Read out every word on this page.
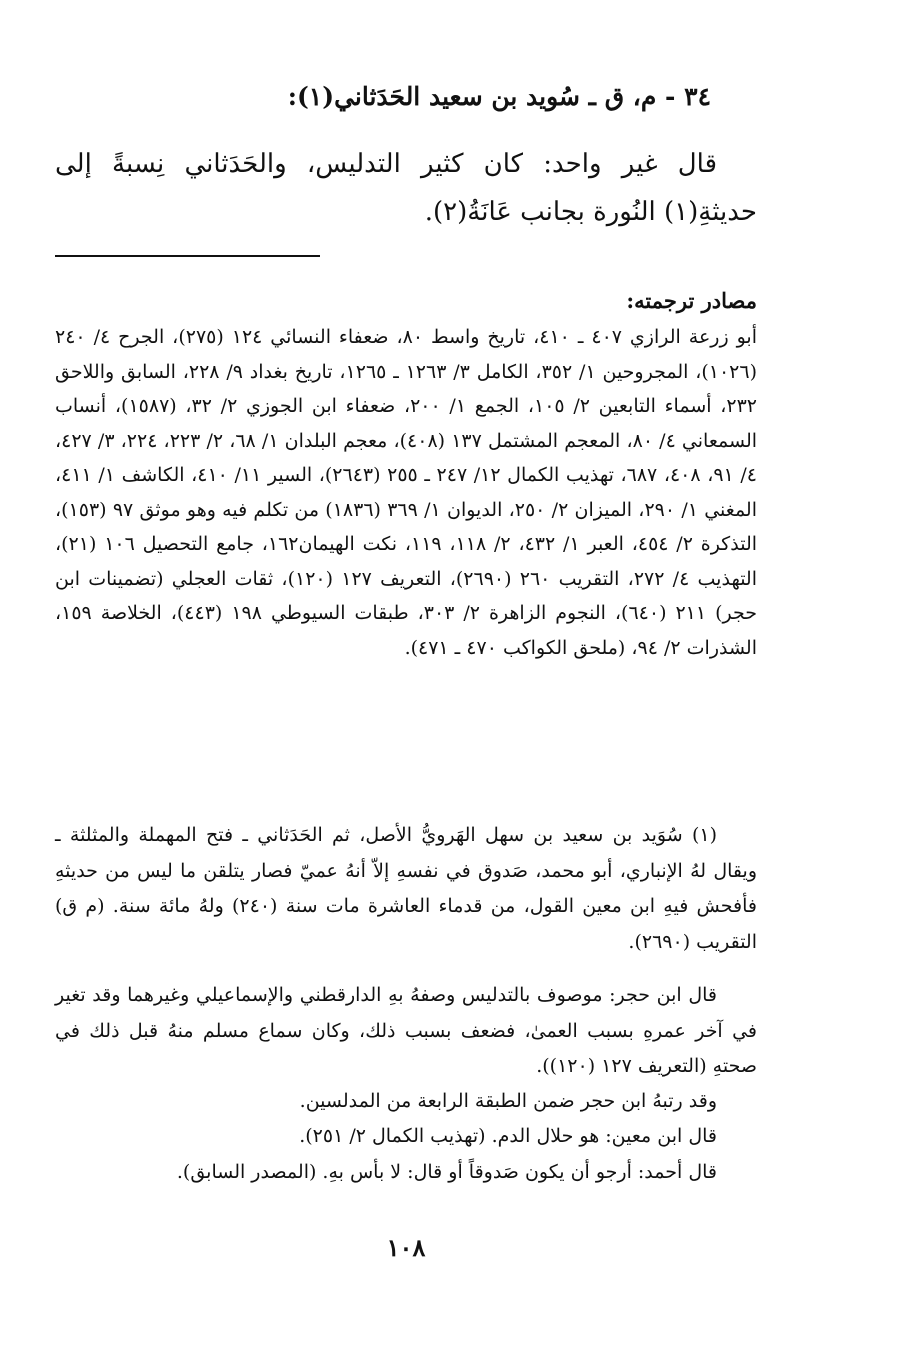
٣٤ - م، ق ـ سُويد بن سعيد الحَدَثاني(١):

قال غير واحد: كان كثير التدليس، والحَدَثاني نِسبةً إلى حديثةِ(١) النُورة بجانب عَانَةُ(٢).

مصادر ترجمته:
أبو زرعة الرازي ٤٠٧ ـ ٤١٠، تاريخ واسط ٨٠، ضعفاء النسائي ١٢٤ (٢٧٥)، الجرح ٤/ ٢٤٠ (١٠٢٦)، المجروحين ١/ ٣٥٢، الكامل ٣/ ١٢٦٣ ـ ١٢٦٥، تاريخ بغداد ٩/ ٢٢٨، السابق واللاحق ٢٣٢، أسماء التابعين ٢/ ١٠٥، الجمع ١/ ٢٠٠، ضعفاء ابن الجوزي ٢/ ٣٢، (١٥٨٧)، أنساب السمعاني ٤/ ٨٠، المعجم المشتمل ١٣٧ (٤٠٨)، معجم البلدان ١/ ٦٨، ٢/ ٢٢٣، ٢٢٤، ٣/ ٤٢٧، ٤/ ٩١، ٤٠٨، ٦٨٧، تهذيب الكمال ١٢/ ٢٤٧ ـ ٢٥٥ (٢٦٤٣)، السير ١١/ ٤١٠، الكاشف ١/ ٤١١، المغني ١/ ٢٩٠، الميزان ٢/ ٢٥٠، الديوان ١/ ٣٦٩ (١٨٣٦) من تكلم فيه وهو موثق ٩٧ (١٥٣)، التذكرة ٢/ ٤٥٤، العبر ١/ ٤٣٢، ٢/ ١١٨، ١١٩، نكت الهيمان١٦٢، جامع التحصيل ١٠٦ (٢١)، التهذيب ٤/ ٢٧٢، التقريب ٢٦٠ (٢٦٩٠)، التعريف ١٢٧ (١٢٠)، ثقات العجلي (تضمينات ابن حجر) ٢١١ (٦٤٠)، النجوم الزاهرة ٢/ ٣٠٣، طبقات السيوطي ١٩٨ (٤٤٣)، الخلاصة ١٥٩، الشذرات ٢/ ٩٤، (ملحق الكواكب ٤٧٠ ـ ٤٧١).

(١) سُوَيد بن سعيد بن سهل الهَرويُّ الأصل، ثم الحَدَثاني ـ فتح المهملة والمثلثة ـ ويقال لهُ الإنباري، أبو محمد، صَدوق في نفسهِ إلاّ أنهُ عميّ فصار يتلقن ما ليس من حديثهِ فأفحش فيهِ ابن معين القول، من قدماء العاشرة مات سنة (٢٤٠) ولهُ مائة سنة. (م ق) التقريب (٢٦٩٠).

قال ابن حجر: موصوف بالتدليس وصفهُ بهِ الدارقطني والإسماعيلي وغيرهما وقد تغير في آخر عمرهِ بسبب العمىٰ، فضعف بسبب ذلك، وكان سماع مسلم منهُ قبل ذلك في صحتهِ (التعريف ١٢٧ (١٢٠)).

وقد رتبهُ ابن حجر ضمن الطبقة الرابعة من المدلسين.
قال ابن معين: هو حلال الدم. (تهذيب الكمال ٢/ ٢٥١).
قال أحمد: أرجو أن يكون صَدوقاً أو قال: لا بأس بهِ. (المصدر السابق).
١٠٨
